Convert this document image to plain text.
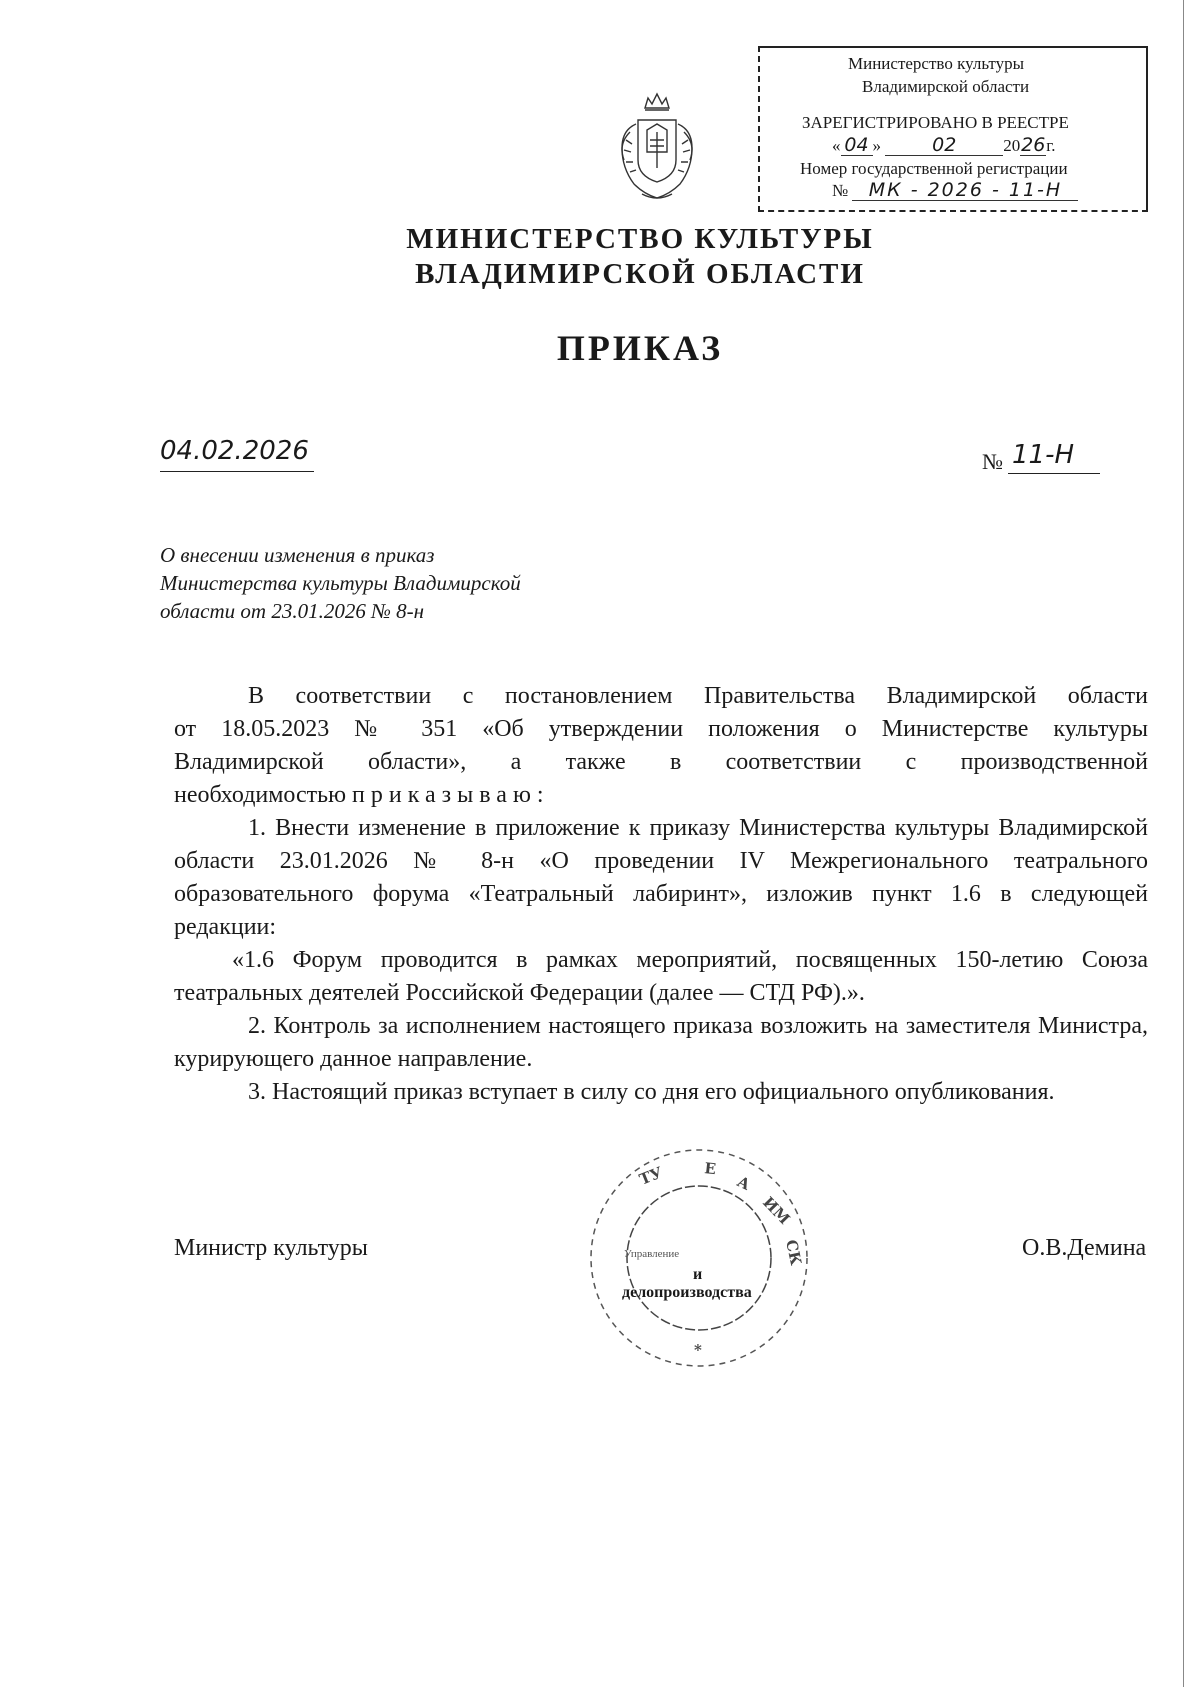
Министерство культуры
Владимирской области
ЗАРЕГИСТРИРОВАНО В РЕЕСТРЕ
« 04 »	02	2026г.
Номер государственной регистрации
№ МК - 2026 - 11-Н
МИНИСТЕРСТВО КУЛЬТУРЫ
ВЛАДИМИРСКОЙ ОБЛАСТИ
ПРИКАЗ
04.02.2026	№ 11-Н
О внесении изменения в приказ
Министерства культуры Владимирской
области от 23.01.2026 № 8-н

В соответствии с постановлением Правительства Владимирской области

от 18.05.2023 № 351 «Об утверждении положения о Министерстве культуры

Владимирской области», а также в соответствии с производственной

необходимостью приказываю:

1. Внести изменение в приложение к приказу Министерства культуры Владимирской области 23.01.2026 № 8-н «О проведении IV Межрегионального театрального образовательного форума «Театральный лабиринт», изложив пункт 1.6 в следующей редакции:

«1.6 Форум проводится в рамках мероприятий, посвященных 150-летию Союза театральных деятелей Российской Федерации (далее — СТД РФ).».

2. Контроль за исполнением настоящего приказа возложить на заместителя Министра, курирующего данное направление.

3. Настоящий приказ вступает в силу со дня его официального опубликования.

Министр культуры	О.В.Демина
ТУ	Е
А
ИМ
СК
*
Управление
и
делопроизводства
